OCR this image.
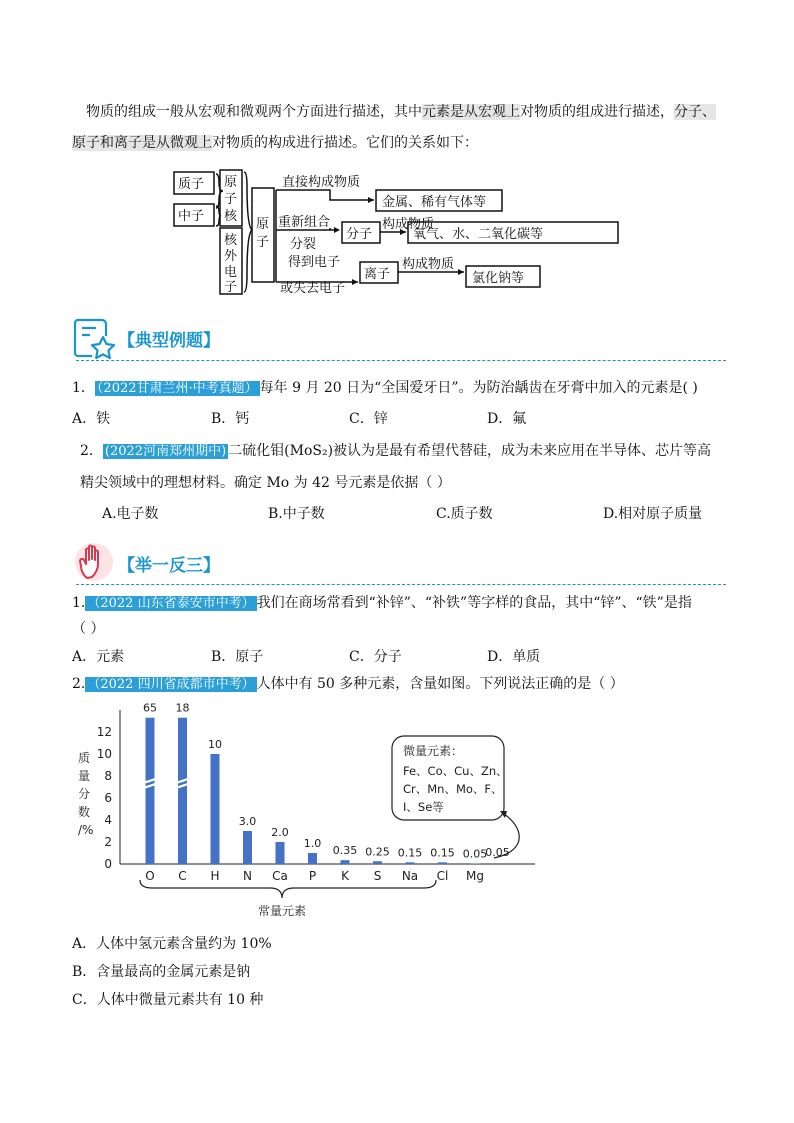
物质的组成一般从宏观和微观两个方面进行描述，其中元素是从宏观上对物质的组成进行描述，分子、
原子和离子是从微观上对物质的构成进行描述。它们的关系如下：
质子
中子
原
子
核
核
外
电
子
原
子
直接构成物质
金属、稀有气体等
重新组合
分子
构成物质
氧气、水、二氧化碳等
分裂
得到电子
或失去电子
离子
构成物质
氯化钠等
【典型例题】
1． （2022甘肃兰州·中考真题） 每年 9 月 20 日为“全国爱牙日”。为防治龋齿在牙膏中加入的元素是( )
A．铁	B．钙	C．锌	D．氟
2． (2022河南郑州期中) 二硫化钼(MoS₂)被认为是最有希望代替硅，成为未来应用在半导体、芯片等高
精尖领域中的理想材料。确定 Mo 为 42 号元素是依据（ ）
A.电子数	B.中子数	C.质子数	D.相对原子质量
【举一反三】
1. （2022 山东省泰安市中考） 我们在商场常看到“补锌”、“补铁”等字样的食品，其中“锌”、“铁”是指
（ ）
A．元素	B．原子	C．分子	D．单质
2. （2022 四川省成都市中考） 人体中有 50 多种元素，含量如图。下列说法正确的是（ ）
质
量
分
数
/%
0
2
4
6
8
10
12
65 18
10
3.0
2.0
1.0
0.35 0.25 0.15 0.15 0.05
0.05
O C H N Ca P K S Na Cl Mg
常量元素
微量元素：
Fe、Co、Cu、Zn、
Cr、Mn、Mo、F、
I、Se等
A．人体中氢元素含量约为 10%
B．含量最高的金属元素是钠
C．人体中微量元素共有 10 种
